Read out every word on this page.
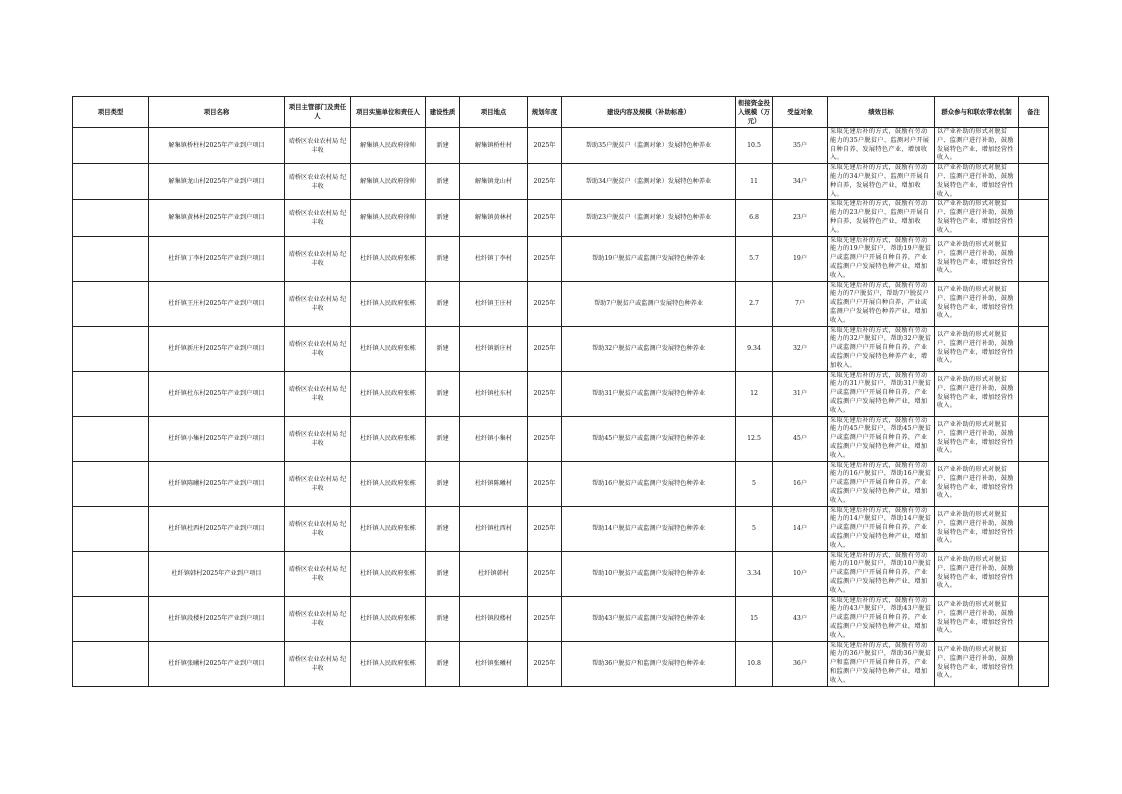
项目类型	项目名称	项目主管部门及责任人	项目实施单位和责任人	建设性质	项目地点	规划年度	建设内容及规模（补助标准）	衔接资金投入规模（万元）	受益对象	绩效目标	群众参与和联农带农机制	备注
	解集镇桥柱村2025年产业到户项目	靖桥区农业农村局 纪丰收	解集镇人民政府徐帅	新建	解集镇桥柱村	2025年	帮助35户脱贫户（监测对象）发展特色种养业	10.5	35户	采取先建后补的方式，鼓励有劳动能力的35户脱贫户、监测对户开展自种自养，发展特色产业，增加收入。	以产业补助的形式对脱贫户、监测户进行补助，鼓励发展特色产业，增加经营性收入。	
	解集镇龙山村2025年产业到户项目	靖桥区农业农村局 纪丰收	解集镇人民政府徐帅	新建	解集镇龙山村	2025年	帮助34户脱贫户（监测对象）发展特色种养业	11	34户	采取先建后补的方式，鼓励有劳动能力的34户脱贫户、监测户开展自种自养，发展特色产业，增加收入。	以产业补助的形式对脱贫户、监测户进行补助，鼓励发展特色产业，增加经营性收入。	
	解集镇黄林村2025年产业到户项目	靖桥区农业农村局 纪丰收	解集镇人民政府徐帅	新建	解集镇黄林村	2025年	帮助23户脱贫户（监测对象）发展特色种养业	6.8	23户	采取先建后补的方式，鼓励有劳动能力的23户脱贫户、监测户开展自种自养，发展特色产业，增加收入。	以产业补助的形式对脱贫户、监测户进行补助，鼓励发展特色产业，增加经营性收入。	
	杜纤镇丁李村2025年产业到户项目	靖桥区农业农村局 纪丰收	杜纤镇人民政府张栋	新建	杜纤镇丁李村	2025年	帮助19户脱贫户或监测户发展特色种养业	5.7	19户	采取先建后补的方式，鼓励有劳动能力的19户脱贫户，帮助19户脱贫户或监测户户开展自种自养，产业或监测户户发展特色种产业，增加收入。	以产业补助的形式对脱贫户、监测户进行补助，鼓励发展特色产业，增加经营性收入。	
	杜纤镇王庄村2025年产业到户项目	靖桥区农业农村局 纪丰收	杜纤镇人民政府张栋	新建	杜纤镇王庄村	2025年	帮助7户脱贫户或监测户发展特色种养业	2.7	7户	采取先建后补的方式，鼓励有劳动能力的7户脱贫户，帮助7户脱贫户或监测户户开展自种自养，产业或监测户户发展特色种养产业，增加收入。	以产业补助的形式对脱贫户、监测户进行补助，鼓励发展特色产业，增加经营性收入。	
	杜纤镇新庄村2025年产业到户项目	靖桥区农业农村局 纪丰收	杜纤镇人民政府张栋	新建	杜纤镇新庄村	2025年	帮助32户脱贫户或监测户发展特色种养业	9.34	32户	采取先建后补的方式，鼓励有劳动能力的32户脱贫户，帮助32户脱贫户或监测户户开展自种自养，产业或监测户户发展特色种养产业，增加收入。	以产业补助的形式对脱贫户、监测户进行补助，鼓励发展特色产业，增加经营性收入。	
	杜纤镇杜东村2025年产业到户项目	靖桥区农业农村局 纪丰收	杜纤镇人民政府张栋	新建	杜纤镇杜东村	2025年	帮助31户脱贫户或监测户发展特色种养业	12	31户	采取先建后补的方式，鼓励有劳动能力的31户脱贫户，帮助31户脱贫户或监测户户开展自种自养，产业或监测户户发展特色种产业，增加收入。	以产业补助的形式对脱贫户、监测户进行补助，鼓励发展特色产业，增加经营性收入。	
	杜纤镇小集村2025年产业到户项目	靖桥区农业农村局 纪丰收	杜纤镇人民政府张栋	新建	杜纤镇小集村	2025年	帮助45户脱贫户或监测户发展特色种养业	12.5	45户	采取先建后补的方式，鼓励有劳动能力的45户脱贫户，帮助45户脱贫户或监测户户开展自种自养，产业或监测户户发展特色种产业，增加收入。	以产业补助的形式对脱贫户、监测户进行补助，鼓励发展特色产业，增加经营性收入。	
	杜纤镇陈曦村2025年产业到户项目	靖桥区农业农村局 纪丰收	杜纤镇人民政府张栋	新建	杜纤镇陈曦村	2025年	帮助16户脱贫户或监测户发展特色种养业	5	16户	采取先建后补的方式，鼓励有劳动能力的16户脱贫户，帮助16户脱贫户或监测户户开展自种自养，产业或监测户户发展特色种产业，增加收入。	以产业补助的形式对脱贫户、监测户进行补助，鼓励发展特色产业，增加经营性收入。	
	杜纤镇杜西村2025年产业到户项目	靖桥区农业农村局 纪丰收	杜纤镇人民政府张栋	新建	杜纤镇杜西村	2025年	帮助14户脱贫户或监测户发展特色种养业	5	14户	采取先建后补的方式，鼓励有劳动能力的14户脱贫户，帮助14户脱贫户或监测户户开展自种自养，产业或监测户户发展特色种产业，增加收入。	以产业补助的形式对脱贫户、监测户进行补助，鼓励发展特色产业，增加经营性收入。	
	杜纤镇韩村2025年产业到户项目	靖桥区农业农村局 纪丰收	杜纤镇人民政府张栋	新建	杜纤镇韩村	2025年	帮助10户脱贫户或监测户发展特色种养业	3.34	10户	采取先建后补的方式，鼓励有劳动能力的10户脱贫户，帮助10户脱贫户或监测户户开展自种自养，产业或监测户户发展特色种产业，增加收入。	以产业补助的形式对脱贫户、监测户进行补助，鼓励发展特色产业，增加经营性收入。	
	杜纤镇段楼村2025年产业到户项目	靖桥区农业农村局 纪丰收	杜纤镇人民政府张栋	新建	杜纤镇段楼村	2025年	帮助43户脱贫户或监测户发展特色种养业	15	43户	采取先建后补的方式，鼓励有劳动能力的43户脱贫户，帮助43户脱贫户或监测户户开展自种自养，产业或监测户户发展特色种产业，增加收入。	以产业补助的形式对脱贫户、监测户进行补助，鼓励发展特色产业，增加经营性收入。	
	杜纤镇张曦村2025年产业到户项目	靖桥区农业农村局 纪丰收	杜纤镇人民政府张栋	新建	杜纤镇张曦村	2025年	帮助36户脱贫户和监测户发展特色种养业	10.8	36户	采取先建后补的方式，鼓励有劳动能力的36户脱贫户，帮助36户脱贫户和监测户户开展自种自养，产业和监测户户发展特色种产业，增加收入。	以产业补助的形式对脱贫户、监测户进行补助，鼓励发展特色产业，增加经营性收入。	
